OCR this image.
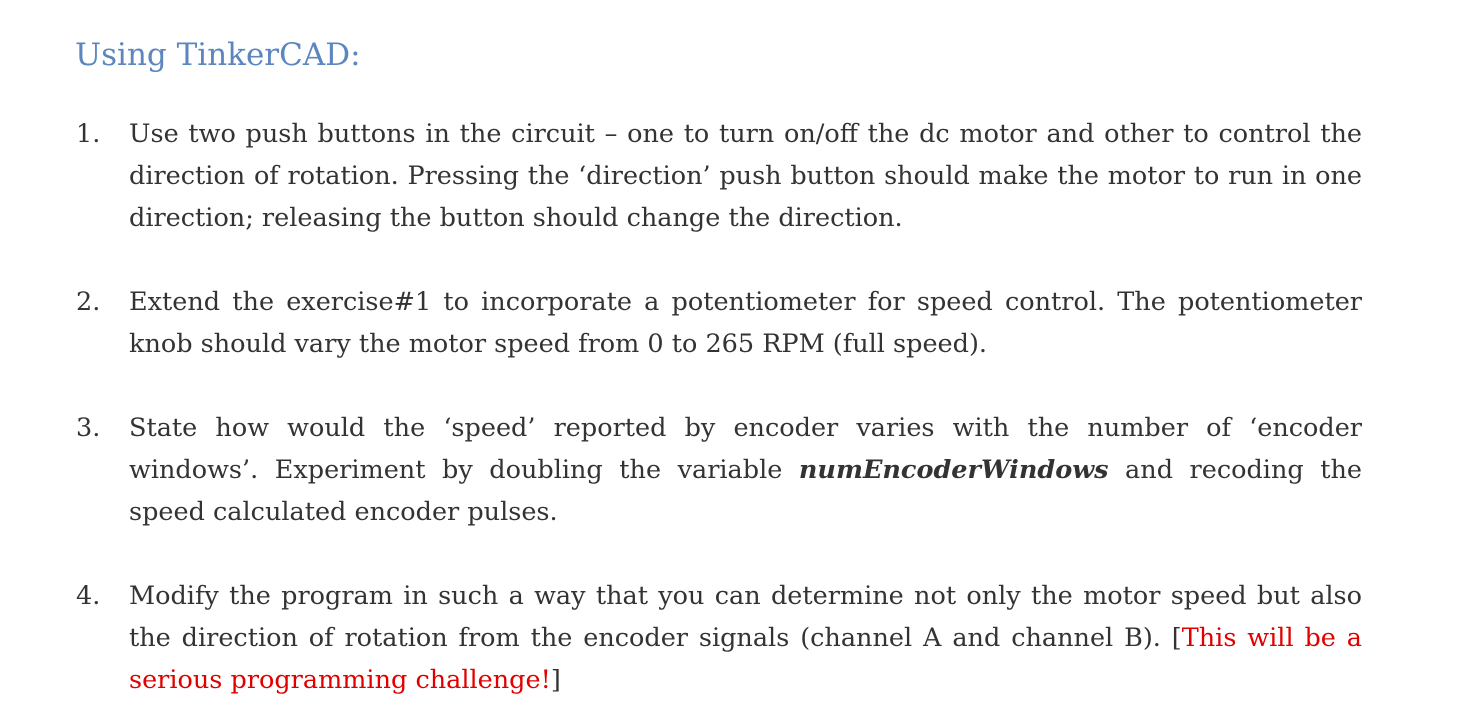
Using TinkerCAD:
1.	Use two push buttons in the circuit – one to turn on/off the dc motor and other to control the direction of rotation. Pressing the ‘direction’ push button should make the motor to run in one direction; releasing the button should change the direction.
2.	Extend the exercise#1 to incorporate a potentiometer for speed control. The potentiometer knob should vary the motor speed from 0 to 265 RPM (full speed).
3.	State how would the ‘speed’ reported by encoder varies with the number of ‘encoder windows’. Experiment by doubling the variable numEncoderWindows and recoding the speed calculated encoder pulses.
4.	Modify the program in such a way that you can determine not only the motor speed but also the direction of rotation from the encoder signals (channel A and channel B). [This will be a serious programming challenge!]
